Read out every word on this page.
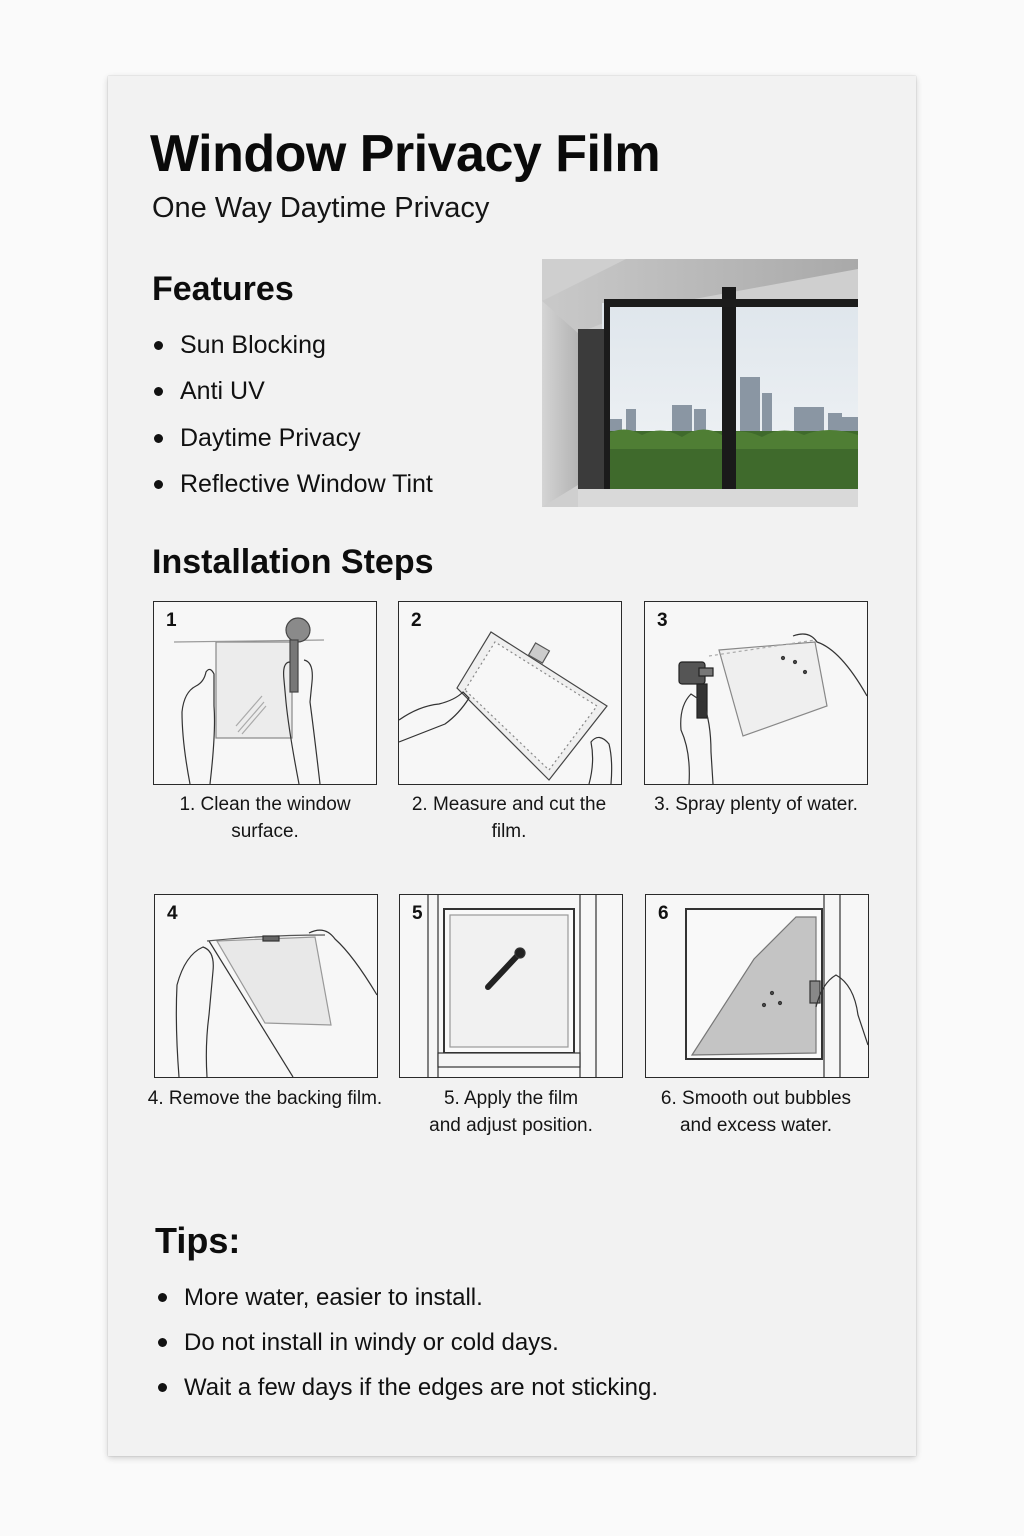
Window Privacy Film
One Way Daytime Privacy
Features
Sun Blocking
Anti UV
Daytime Privacy
Reflective Window Tint
Installation Steps
1
1. Clean the window
surface.
2
2. Measure and cut the
film.
3
3. Spray plenty of water.
4
4. Remove the backing film.
5
5. Apply the film
and adjust position.
6
6. Smooth out bubbles
and excess water.
Tips:
More water, easier to install.
Do not install in windy or cold days.
Wait a few days if the edges are not sticking.
